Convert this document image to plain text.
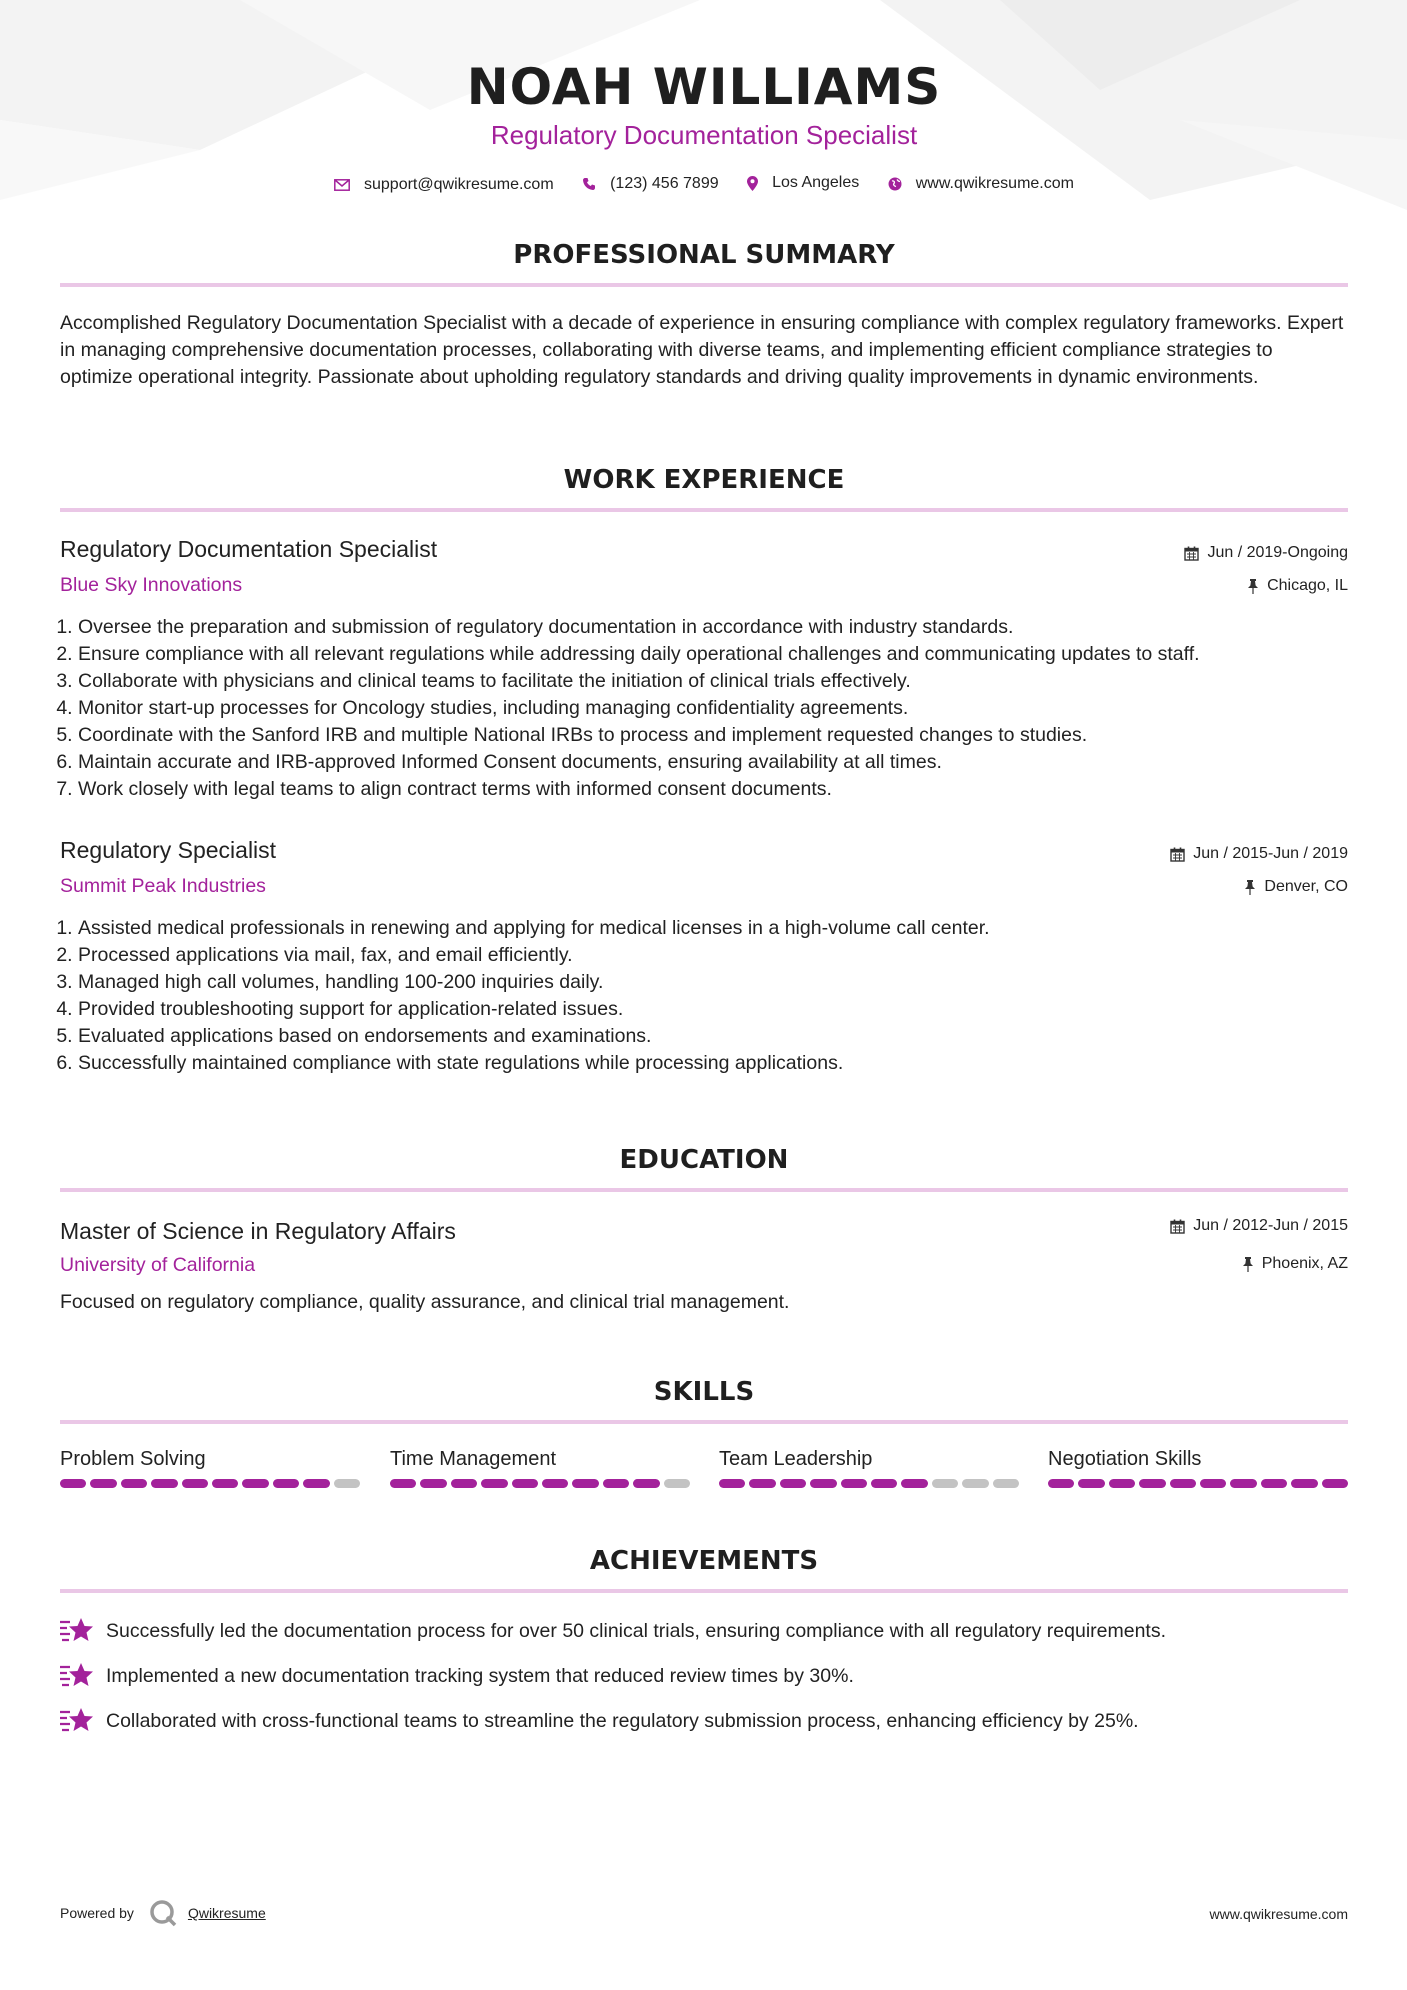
NOAH WILLIAMS
Regulatory Documentation Specialist
support@qwikresume.com
	(123) 456 7899
	Los Angeles
	www.qwikresume.com
PROFESSIONAL SUMMARY
Accomplished Regulatory Documentation Specialist with a decade of experience in ensuring compliance with complex regulatory frameworks. Expert in managing comprehensive documentation processes, collaborating with diverse teams, and implementing efficient compliance strategies to optimize operational integrity. Passionate about upholding regulatory standards and driving quality improvements in dynamic environments.
WORK EXPERIENCE
Regulatory Documentation Specialist	Jun / 2019-Ongoing
Blue Sky Innovations	Chicago, IL
1. Oversee the preparation and submission of regulatory documentation in accordance with industry standards.
2. Ensure compliance with all relevant regulations while addressing daily operational challenges and communicating updates to staff.
3. Collaborate with physicians and clinical teams to facilitate the initiation of clinical trials effectively.
4. Monitor start-up processes for Oncology studies, including managing confidentiality agreements.
5. Coordinate with the Sanford IRB and multiple National IRBs to process and implement requested changes to studies.
6. Maintain accurate and IRB-approved Informed Consent documents, ensuring availability at all times.
7. Work closely with legal teams to align contract terms with informed consent documents.
Regulatory Specialist	Jun / 2015-Jun / 2019
Summit Peak Industries	Denver, CO
1. Assisted medical professionals in renewing and applying for medical licenses in a high-volume call center.
2. Processed applications via mail, fax, and email efficiently.
3. Managed high call volumes, handling 100-200 inquiries daily.
4. Provided troubleshooting support for application-related issues.
5. Evaluated applications based on endorsements and examinations.
6. Successfully maintained compliance with state regulations while processing applications.
EDUCATION
Master of Science in Regulatory Affairs	Jun / 2012-Jun / 2015
University of California	Phoenix, AZ
Focused on regulatory compliance, quality assurance, and clinical trial management.
SKILLS
Problem Solving	Time Management	Team Leadership	Negotiation Skills
ACHIEVEMENTS
Successfully led the documentation process for over 50 clinical trials, ensuring compliance with all regulatory requirements.
Implemented a new documentation tracking system that reduced review times by 30%.
Collaborated with cross-functional teams to streamline the regulatory submission process, enhancing efficiency by 25%.
Powered by	Qwikresume	www.qwikresume.com
